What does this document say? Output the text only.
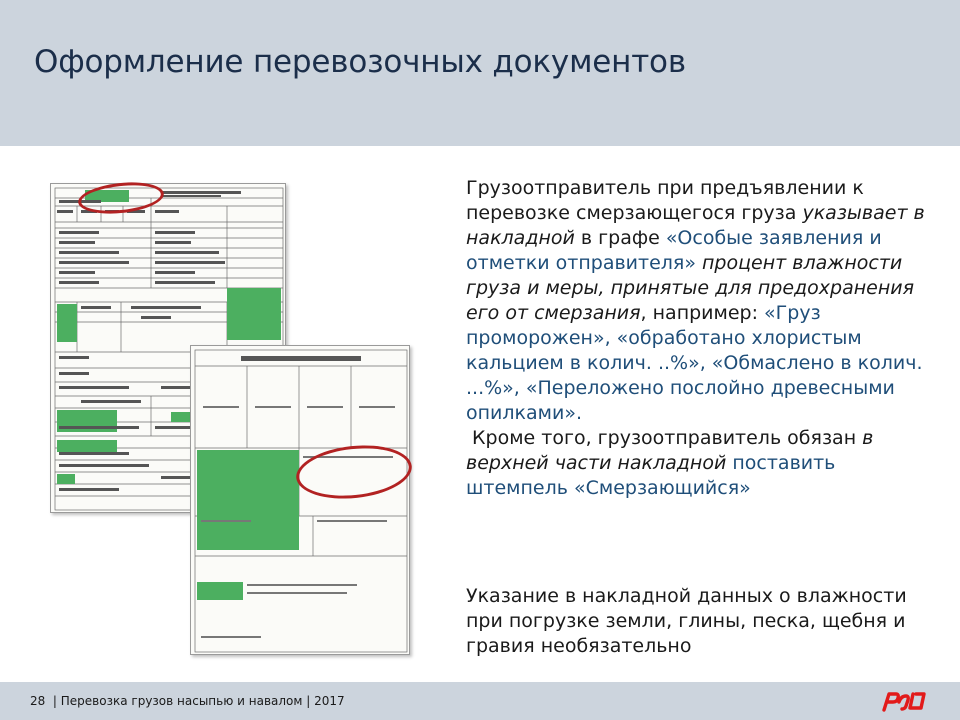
Оформление перевозочных документов
Грузоотправитель при предъявлении к перевозке смерзающегося груза указывает в накладной в графе «Особые заявления и отметки отправителя» процент влажности груза и меры, принятые для предохранения его от смерзания, например: «Груз проморожен», «обработано хлористым кальцием в колич. ..%», «Обмаслено в колич. ...%», «Переложено послойно древесными опилками».
Кроме того, грузоотправитель обязан в верхней части накладной поставить штемпель «Смерзающийся»
Указание в накладной данных о влажности при погрузке земли, глины, песка, щебня и гравия необязательно
28 | Перевозка грузов насыпью и навалом | 2017
